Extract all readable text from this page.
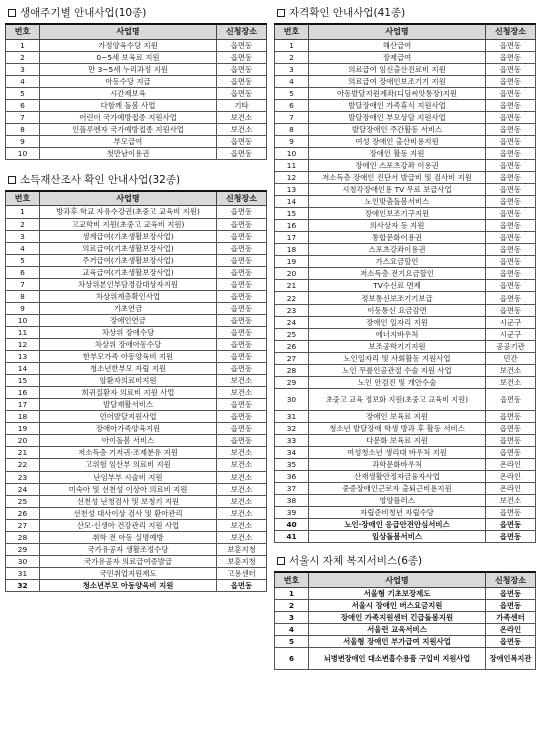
생애주기별 안내사업(10종)
번호	사업명	신청장소
1	가정양육수당 지원	읍면동
2	0~5세 보육료 지원	읍면동
3	만 3~5세 누리과정 지원	읍면동
4	아동수당 지급	읍면동
5	시간제보육	읍면동
6	다함께 돌봄 사업	기타
7	어린이 국가예방접종 지원사업	보건소
8	인플루엔자 국가예방접종 지원사업	보건소
9	부모급여	읍면동
10	첫만남이용권	읍면동
소득재산조사 확인 안내사업(32종)
번호	사업명	신청장소
1	방과후 학교 자유수강권(초중고 교육비 지원)	읍면동
2	고교학비 지원(초중고 교육비 지원)	읍면동
3	생계급여(기초생활보장사업)	읍면동
4	의료급여(기초생활보장사업)	읍면동
5	주거급여(기초생활보장사업)	읍면동
6	교육급여(기초생활보장사업)	읍면동
7	차상위본인부담경감대상자지원	읍면동
8	차상위계층확인사업	읍면동
9	기초연금	읍면동
10	장애인연금	읍면동
11	차상위 장애수당	읍면동
12	차상위 장애아동수당	읍면동
13	한부모가족 아동양육비 지원	읍면동
14	청소년한부모 자립 지원	읍면동
15	암환자의료비지원	보건소
16	희귀질환자 의료비 지원 사업	보건소
17	발달재활서비스	읍면동
18	언어발달지원사업	읍면동
19	장애아가족양육지원	읍면동
20	아이돌봄 서비스	읍면동
21	저소득층 기저귀·조제분유 지원	보건소
22	고위험 임산부 의료비 지원	보건소
23	난임부부 시술비 지원	보건소
24	미숙아 및 선천성 이상아 의료비 지원	보건소
25	선천성 난청검사 및 보청기 지원	보건소
26	선천성 대사이상 검사 및 환아관리	보건소
27	산모·신생아 건강관리 지원 사업	보건소
28	취학 전 아동 실명예방	보건소
29	국가유공자 생활조정수당	보훈지청
30	국가유공자 의료급여증발급	보훈지청
31	국민취업지원제도	고용센터
32	청소년부모 아동양육비 지원	읍면동
자격확인 안내사업(41종)
번호	사업명	신청장소
1	해산급여	읍면동
2	장제급여	읍면동
3	의료급여 임신출산진료비 지원	읍면동
4	의료급여 장애인보조기기 지원	읍면동
5	아동발달지원계좌(디딤씨앗통장)지원	읍면동
6	발달장애인 가족휴식 지원사업	읍면동
7	발달장애인 부모상담 지원사업	읍면동
8	발달장애인 주간활동 서비스	읍면동
9	여성 장애인 출산비용지원	읍면동
10	장애인 활동 지원	읍면동
11	장애인 스포츠강좌 이용권	읍면동
12	저소득층 장애인 진단서 발급비 및 검사비 지원	읍면동
13	시청각장애인용 TV 무료 보급사업	읍면동
14	노인맞춤돌봄서비스	읍면동
15	장애인보조기구지원	읍면동
16	의사상자 등 지원	읍면동
17	통합문화이용권	읍면동
18	스포츠강좌이용권	읍면동
19	가스요금할인	읍면동
20	저소득층 전기요금할인	읍면동
21	TV수신료 면제	읍면동
22	정보통신보조기기보급	읍면동
23	이동통신 요금감면	읍면동
24	장애인 일자리 지원	시군구
25	에너지바우처	시군구
26	보조공학기기지원	공공기관
27	노인일자리 및 사회활동 지원사업	민간
28	노인 무릎인공관절 수술 지원 사업	보건소
29	노인 안검진 및 개안수술	보건소
30	초중고 교육 정보화 지원(초중고 교육비 지원)	읍면동
31	장애인 보육료 지원	읍면동
32	청소년 발달장애 학생 방과 후 활동 서비스	읍면동
33	다문화 보육료 지원	읍면동
34	여성청소년 생리대 바우처 지원	읍면동
35	과학문화바우처	온라인
36	산재생활안정자금융자사업	온라인
37	중증장애인근로자 출퇴근비용지원	온라인
38	영양플러스	보건소
39	자립준비청년 자립수당	읍면동
40	노인·장애인 응급안전안심서비스	읍면동
41	일상돌봄서비스	읍면동
서울시 자체 복지서비스(6종)
번호	사업명	신청장소
1	서울형 기초보장제도	읍면동
2	서울시 장애인 버스요금지원	읍면동
3	장애인 가족지원센터 긴급돌봄지원	가족센터
4	서울런 교육서비스	온라인
5	서울형 장애인 부가급여 지원사업	읍면동
6	뇌병변장애인 대소변흡수용품 구입비 지원사업	장애인복지관
